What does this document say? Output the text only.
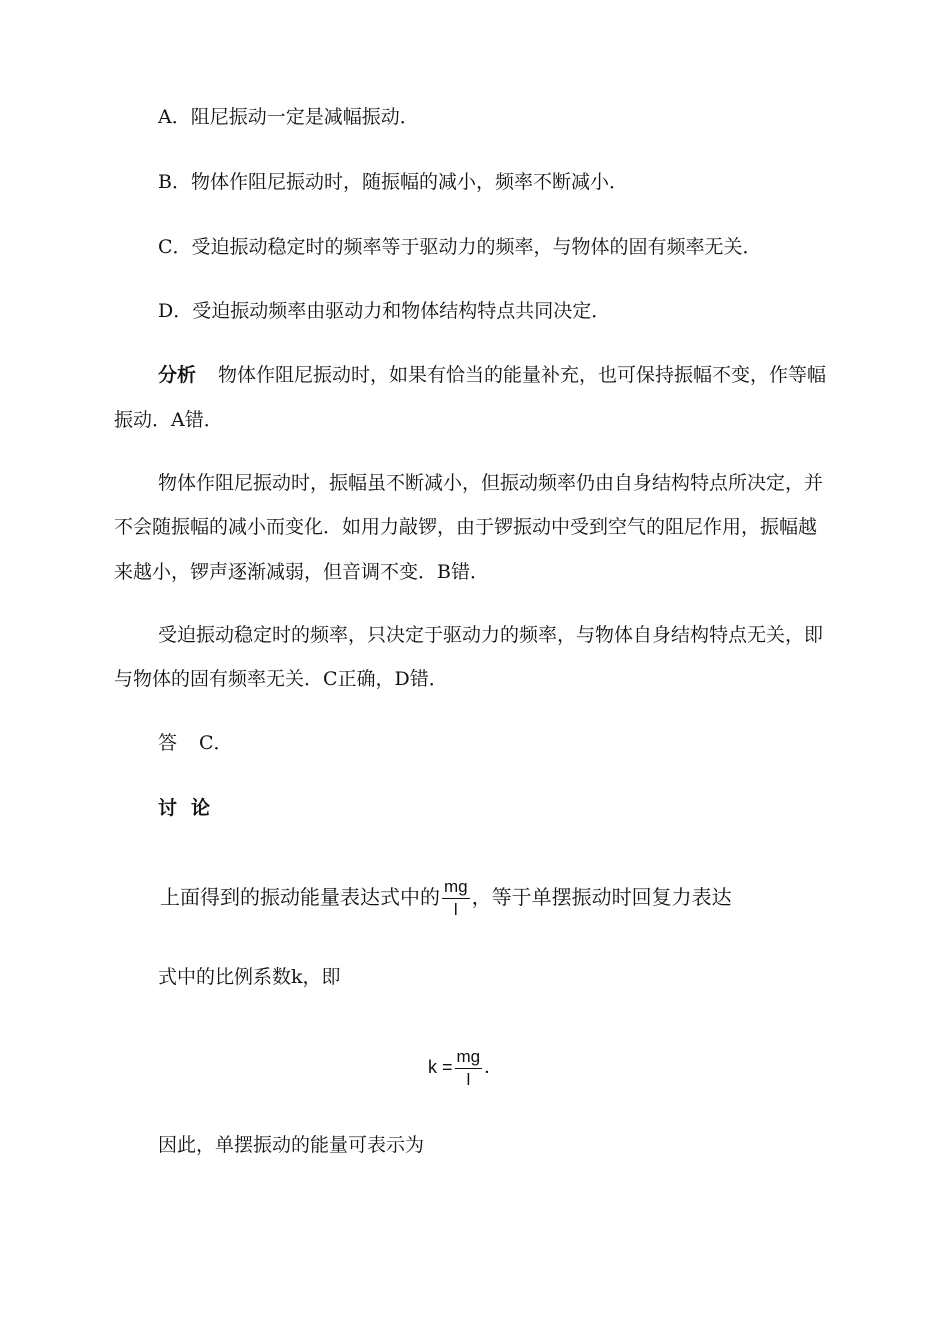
A．阻尼振动一定是减幅振动．
B．物体作阻尼振动时，随振幅的减小，频率不断减小．
C．受迫振动稳定时的频率等于驱动力的频率，与物体的固有频率无关．
D．受迫振动频率由驱动力和物体结构特点共同决定．
分析 物体作阻尼振动时，如果有恰当的能量补充，也可保持振幅不变，作等幅
振动．A错．
物体作阻尼振动时，振幅虽不断减小，但振动频率仍由自身结构特点所决定，并
不会随振幅的减小而变化．如用力敲锣，由于锣振动中受到空气的阻尼作用，振幅越
来越小，锣声逐渐减弱，但音调不变．B错．
受迫振动稳定时的频率，只决定于驱动力的频率，与物体自身结构特点无关，即
与物体的固有频率无关．C正确，D错．
答 C．
讨 论
上面得到的振动能量表达式中的 $\frac{mg}{l}$ ，等于单摆振动时回复力表达
式中的比例系数k，即
$k = \frac{mg}{l}$ ．
因此，单摆振动的能量可表示为
